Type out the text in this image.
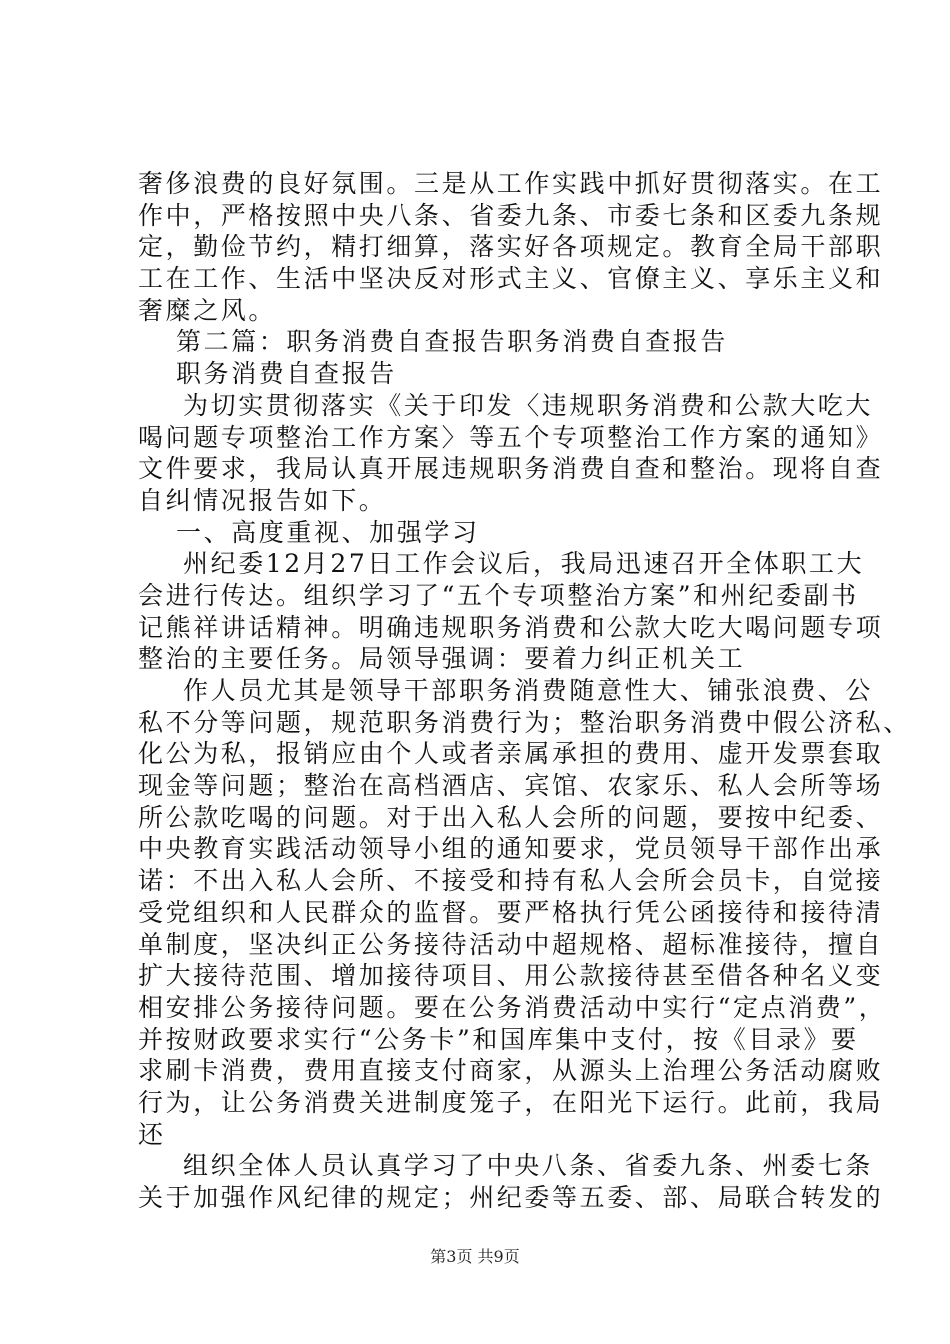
奢侈浪费的良好氛围。三是从工作实践中抓好贯彻落实。在工
作中，严格按照中央八条、省委九条、市委七条和区委九条规
定，勤俭节约，精打细算，落实好各项规定。教育全局干部职
工在工作、生活中坚决反对形式主义、官僚主义、享乐主义和
奢糜之风。
第二篇：职务消费自查报告职务消费自查报告
职务消费自查报告
为切实贯彻落实《关于印发〈违规职务消费和公款大吃大
喝问题专项整治工作方案〉等五个专项整治工作方案的通知》
文件要求，我局认真开展违规职务消费自查和整治。现将自查
自纠情况报告如下。
一、高度重视、加强学习
州纪委12月27日工作会议后，我局迅速召开全体职工大
会进行传达。组织学习了“五个专项整治方案”和州纪委副书
记熊祥讲话精神。明确违规职务消费和公款大吃大喝问题专项
整治的主要任务。局领导强调：要着力纠正机关工
作人员尤其是领导干部职务消费随意性大、铺张浪费、公
私不分等问题，规范职务消费行为；整治职务消费中假公济私、
化公为私，报销应由个人或者亲属承担的费用、虚开发票套取
现金等问题；整治在高档酒店、宾馆、农家乐、私人会所等场
所公款吃喝的问题。对于出入私人会所的问题，要按中纪委、
中央教育实践活动领导小组的通知要求，党员领导干部作出承
诺：不出入私人会所、不接受和持有私人会所会员卡，自觉接
受党组织和人民群众的监督。要严格执行凭公函接待和接待清
单制度，坚决纠正公务接待活动中超规格、超标准接待，擅自
扩大接待范围、增加接待项目、用公款接待甚至借各种名义变
相安排公务接待问题。要在公务消费活动中实行“定点消费”，
并按财政要求实行“公务卡”和国库集中支付，按《目录》要
求刷卡消费，费用直接支付商家，从源头上治理公务活动腐败
行为，让公务消费关进制度笼子，在阳光下运行。此前，我局
还
组织全体人员认真学习了中央八条、省委九条、州委七条
关于加强作风纪律的规定；州纪委等五委、部、局联合转发的
第3页 共9页
